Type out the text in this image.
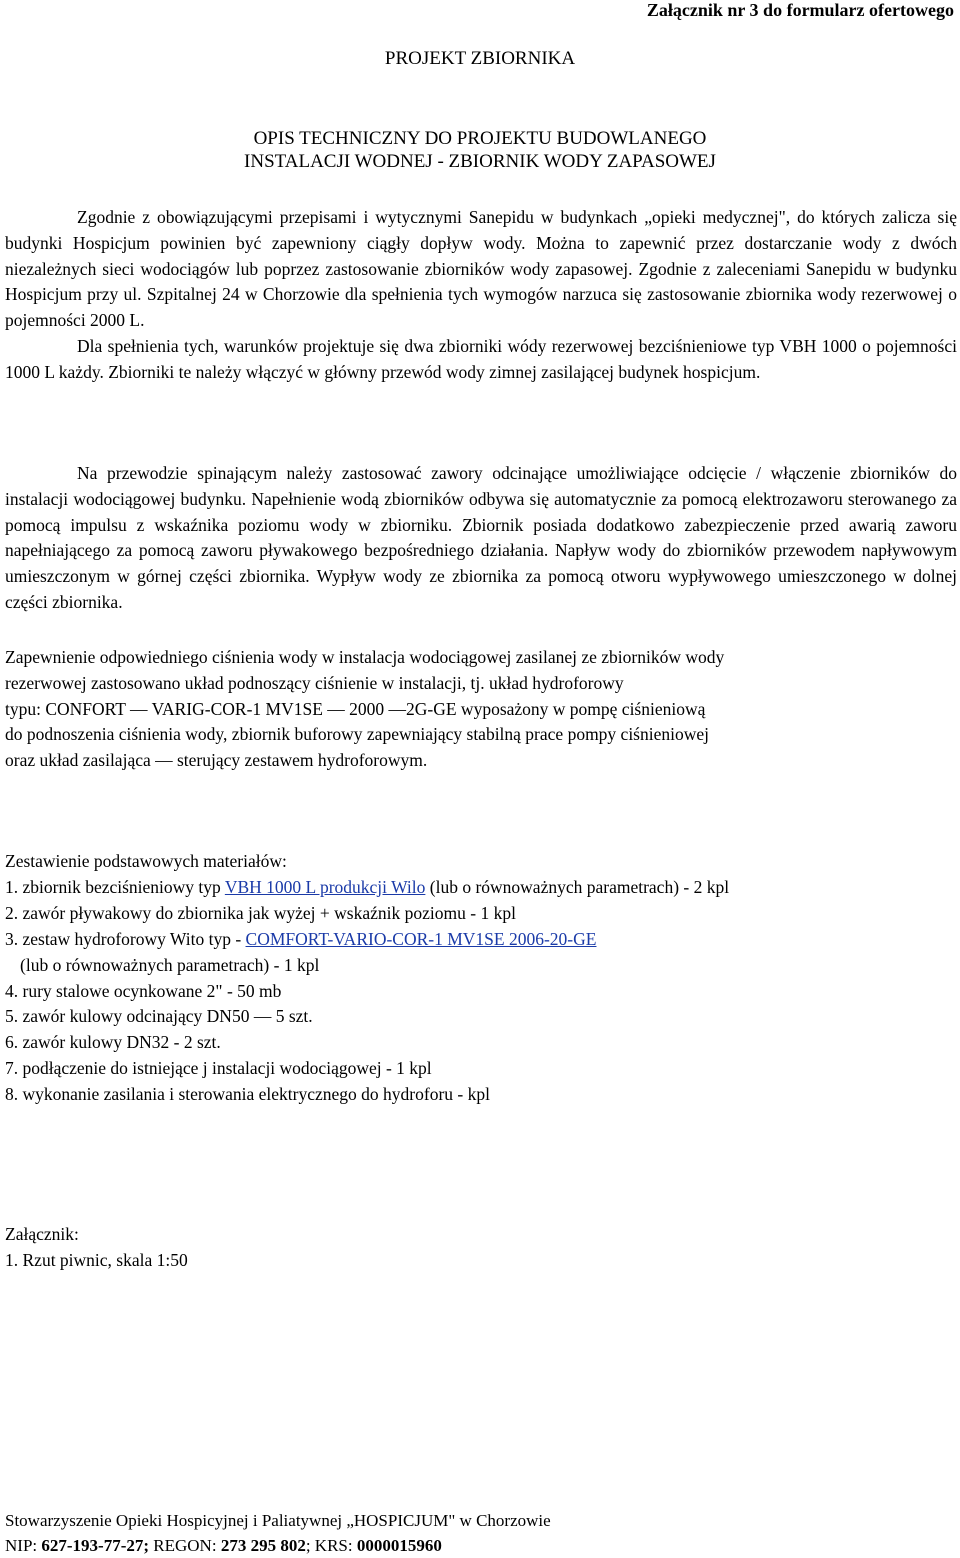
Załącznik nr 3 do formularz ofertowego
PROJEKT ZBIORNIKA
OPIS TECHNICZNY DO PROJEKTU BUDOWLANEGO
INSTALACJI WODNEJ - ZBIORNIK WODY ZAPASOWEJ

Zgodnie z obowiązującymi przepisami i wytycznymi Sanepidu w budynkach „opieki medycznej", do których zalicza się budynki Hospicjum powinien być zapewniony ciągły dopływ wody. Można to zapewnić przez dostarczanie wody z dwóch niezależnych sieci wodociągów lub poprzez zastosowanie zbiorników wody zapasowej. Zgodnie z zaleceniami Sanepidu w budynku Hospicjum przy ul. Szpitalnej 24 w Chorzowie dla spełnienia tych wymogów narzuca się zastosowanie zbiornika wody rezerwowej o pojemności 2000 L.

Dla spełnienia tych, warunków projektuje się dwa zbiorniki wódy rezerwowej bezciśnieniowe typ VBH 1000 o pojemności 1000 L każdy. Zbiorniki te należy włączyć w główny przewód wody zimnej zasilającej budynek hospicjum.

Na przewodzie spinającym należy zastosować zawory odcinające umożliwiające odcięcie / włączenie zbiorników do instalacji wodociągowej budynku. Napełnienie wodą zbiorników odbywa się automatycznie za pomocą elektrozaworu sterowanego za pomocą impulsu z wskaźnika poziomu wody w zbiorniku. Zbiornik posiada dodatkowo zabezpieczenie przed awarią zaworu napełniającego za pomocą zaworu pływakowego bezpośredniego działania. Napływ wody do zbiorników przewodem napływowym umieszczonym w górnej części zbiornika. Wypływ wody ze zbiornika za pomocą otworu wypływowego umieszczonego w dolnej części zbiornika.

Zapewnienie odpowiedniego ciśnienia wody w instalacja wodociągowej zasilanej ze zbiorników wody
rezerwowej zastosowano układ podnoszący ciśnienie w instalacji, tj. układ hydroforowy
typu: CONFORT — VARIG-COR-1 MV1SE — 2000 —2G-GE wyposażony w pompę ciśnieniową
do podnoszenia ciśnienia wody, zbiornik buforowy zapewniający stabilną prace pompy ciśnieniowej
oraz układ zasilająca — sterujący zestawem hydroforowym.
Zestawienie podstawowych materiałów:
1. zbiornik bezciśnieniowy typ VBH 1000 L produkcji Wilo (lub o równoważnych parametrach) - 2 kpl
2. zawór pływakowy do zbiornika jak wyżej + wskaźnik poziomu - 1 kpl
3. zestaw hydroforowy Wito typ - COMFORT-VARIO-COR-1 MV1SE 2006-20-GE
(lub o równoważnych parametrach) - 1 kpl
4. rury stalowe ocynkowane 2" - 50 mb
5. zawór kulowy odcinający DN50 — 5 szt.
6. zawór kulowy DN32 - 2 szt.
7. podłączenie do istniejące j instalacji wodociągowej - 1 kpl
8. wykonanie zasilania i sterowania elektrycznego do hydroforu - kpl
Załącznik:
1. Rzut piwnic, skala 1:50
Stowarzyszenie Opieki Hospicyjnej i Paliatywnej „HOSPICJUM" w Chorzowie
NIP: 627-193-77-27; REGON: 273 295 802; KRS: 0000015960
